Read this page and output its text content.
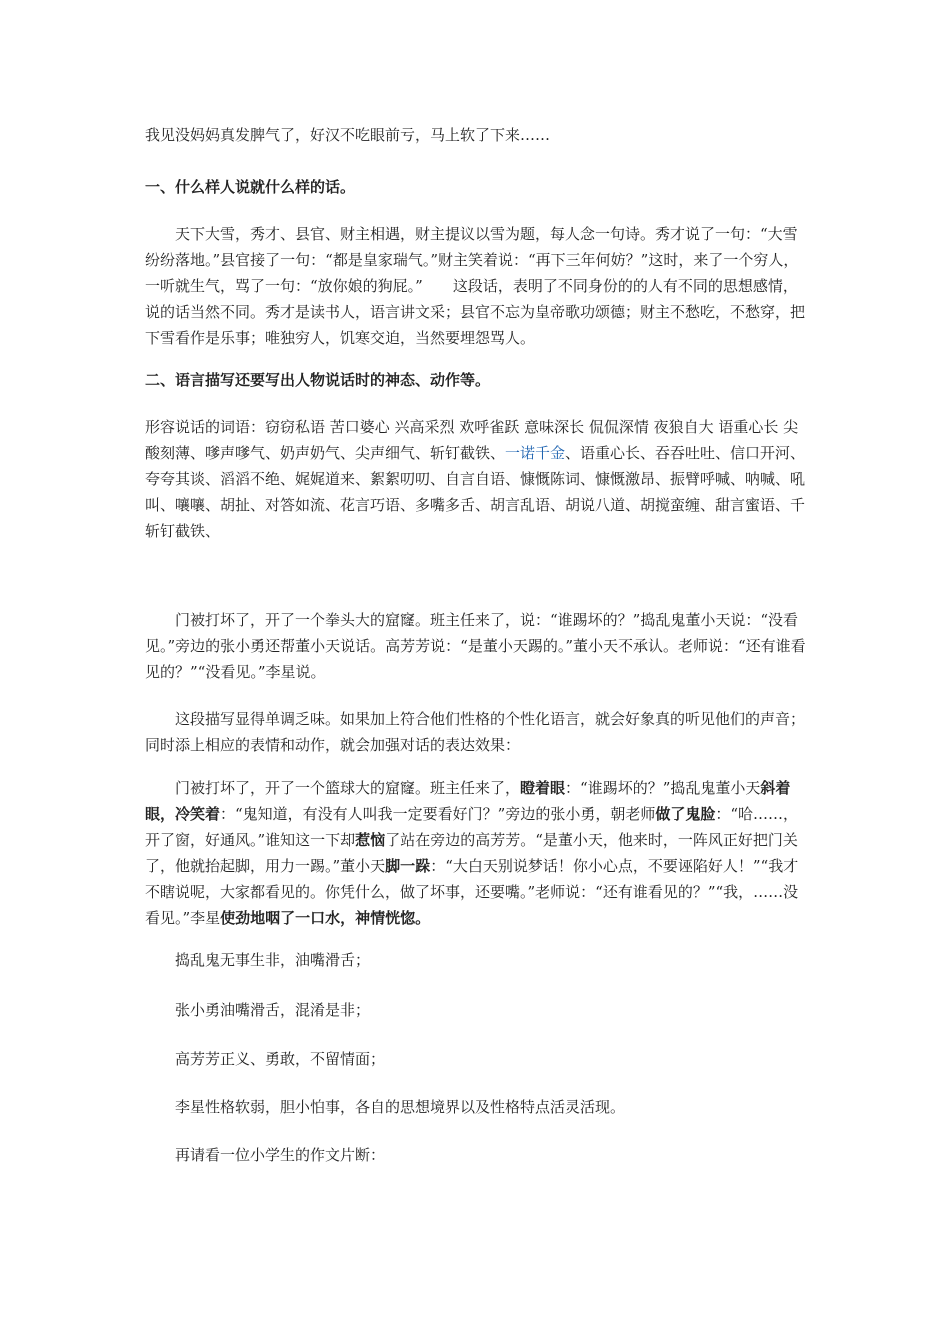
我见没妈妈真发脾气了，好汉不吃眼前亏，马上软了下来……

一、什么样人说就什么样的话。

天下大雪，秀才、县官、财主相遇，财主提议以雪为题，每人念一句诗。秀才说了一句：“大雪纷纷落地。”县官接了一句：“都是皇家瑞气。”财主笑着说：“再下三年何妨？”这时，来了一个穷人，一听就生气，骂了一句：“放你娘的狗屁。”　　这段话，表明了不同身份的的人有不同的思想感情，说的话当然不同。秀才是读书人，语言讲文采；县官不忘为皇帝歌功颂德；财主不愁吃，不愁穿，把下雪看作是乐事；唯独穷人，饥寒交迫，当然要埋怨骂人。

二、语言描写还要写出人物说话时的神态、动作等。

形容说话的词语：窃窃私语 苦口婆心 兴高采烈 欢呼雀跃 意味深长 侃侃深情 夜狼自大 语重心长 尖酸刻薄、嗲声嗲气、奶声奶气、尖声细气、斩钉截铁、一诺千金、语重心长、吞吞吐吐、信口开河、夸夸其谈、滔滔不绝、娓娓道来、絮絮叨叨、自言自语、慷慨陈词、慷慨激昂、振臂呼喊、呐喊、吼叫、嚷嚷、胡扯、对答如流、花言巧语、多嘴多舌、胡言乱语、胡说八道、胡搅蛮缠、甜言蜜语、千斩钉截铁、

门被打坏了，开了一个拳头大的窟窿。班主任来了，说：“谁踢坏的？”捣乱鬼董小天说：“没看见。”旁边的张小勇还帮董小天说话。高芳芳说：“是董小天踢的。”董小天不承认。老师说：“还有谁看见的？”“没看见。”李星说。

这段描写显得单调乏味。如果加上符合他们性格的个性化语言，就会好象真的听见他们的声音；同时添上相应的表情和动作，就会加强对话的表达效果：

门被打坏了，开了一个篮球大的窟窿。班主任来了，瞪着眼：“谁踢坏的？”捣乱鬼董小天斜着眼，冷笑着：“鬼知道，有没有人叫我一定要看好门？”旁边的张小勇，朝老师做了鬼脸：“哈……，开了窗，好通风。”谁知这一下却惹恼了站在旁边的高芳芳。“是董小天，他来时，一阵风正好把门关了，他就抬起脚，用力一踢。”董小天脚一跺：“大白天别说梦话！你小心点，不要诬陷好人！”“我才不瞎说呢，大家都看见的。你凭什么，做了坏事，还要嘴。”老师说：“还有谁看见的？”“我，……没看见。”李星使劲地咽了一口水，神情恍惚。

捣乱鬼无事生非，油嘴滑舌；

张小勇油嘴滑舌，混淆是非；

高芳芳正义、勇敢，不留情面；

李星性格软弱，胆小怕事，各自的思想境界以及性格特点活灵活现。

再请看一位小学生的作文片断：
